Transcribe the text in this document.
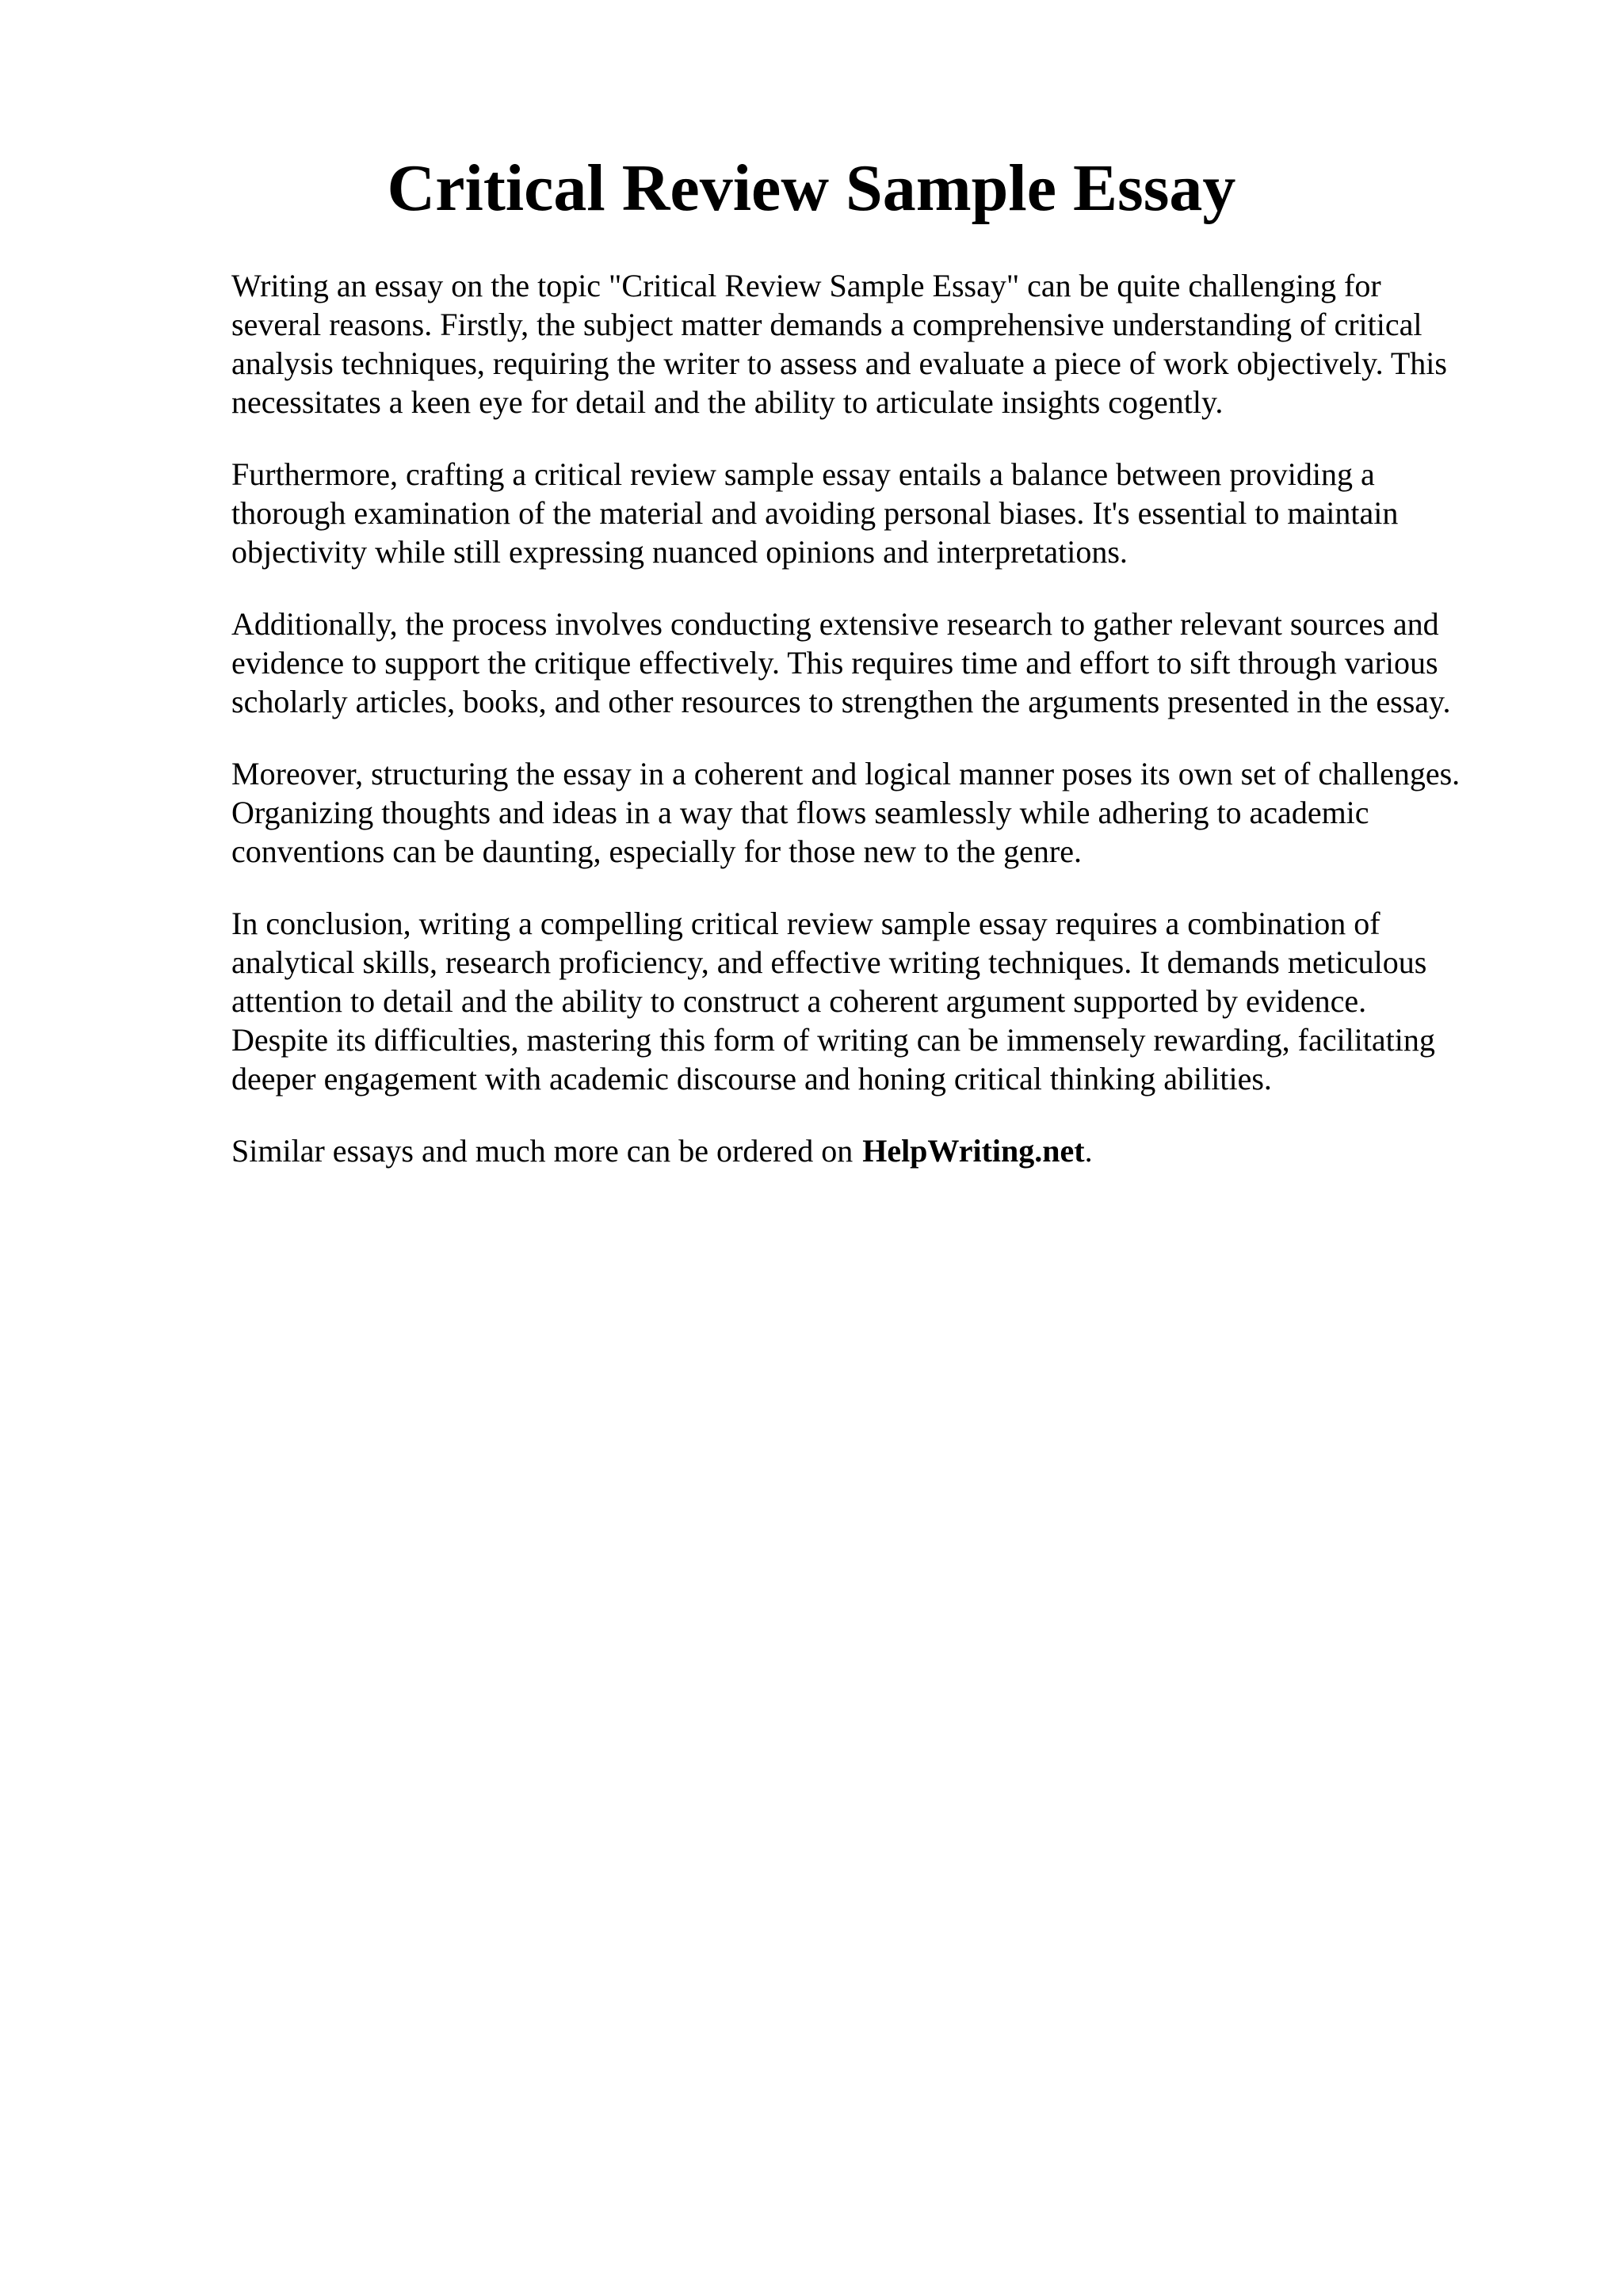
Critical Review Sample Essay

Writing an essay on the topic "Critical Review Sample Essay" can be quite challenging for
several reasons. Firstly, the subject matter demands a comprehensive understanding of critical
analysis techniques, requiring the writer to assess and evaluate a piece of work objectively. This
necessitates a keen eye for detail and the ability to articulate insights cogently.

Furthermore, crafting a critical review sample essay entails a balance between providing a
thorough examination of the material and avoiding personal biases. It's essential to maintain
objectivity while still expressing nuanced opinions and interpretations.

Additionally, the process involves conducting extensive research to gather relevant sources and
evidence to support the critique effectively. This requires time and effort to sift through various
scholarly articles, books, and other resources to strengthen the arguments presented in the essay.

Moreover, structuring the essay in a coherent and logical manner poses its own set of challenges.
Organizing thoughts and ideas in a way that flows seamlessly while adhering to academic
conventions can be daunting, especially for those new to the genre.

In conclusion, writing a compelling critical review sample essay requires a combination of
analytical skills, research proficiency, and effective writing techniques. It demands meticulous
attention to detail and the ability to construct a coherent argument supported by evidence.
Despite its difficulties, mastering this form of writing can be immensely rewarding, facilitating
deeper engagement with academic discourse and honing critical thinking abilities.

Similar essays and much more can be ordered on HelpWriting.net.
